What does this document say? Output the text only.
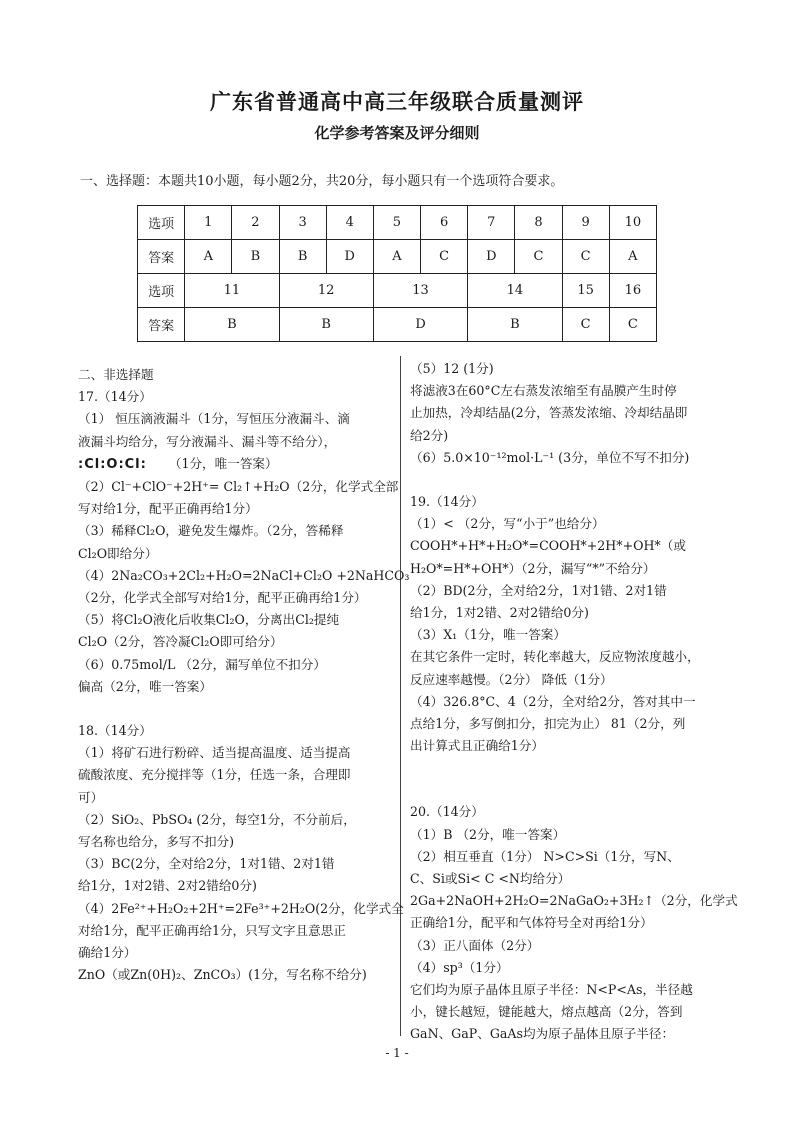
广东省普通高中高三年级联合质量测评
化学参考答案及评分细则
一、选择题：本题共10小题，每小题2分，共20分，每小题只有一个选项符合要求。
选项	1	2	3	4	5	6	7	8	9	10
答案	A	B	B	D	A	C	D	C	C	A
选项	11		12		13		14		15	16
答案	B		B		D		B		C	C
二、非选择题
17.（14分）
（1） 恒压滴液漏斗（1分，写恒压分液漏斗、滴
液漏斗均给分，写分液漏斗、漏斗等不给分），
:Cl:O:Cl: （1分，唯一答案）
（2）Cl⁻+ClO⁻+2H⁺= Cl₂↑+H₂O（2分，化学式全部
写对给1分，配平正确再给1分）
（3）稀释Cl₂O，避免发生爆炸。（2分，答稀释
Cl₂O即给分）
（4）2Na₂CO₃+2Cl₂+H₂O=2NaCl+Cl₂O +2NaHCO₃
（2分，化学式全部写对给1分，配平正确再给1分）
（5）将Cl₂O液化后收集Cl₂O，分离出Cl₂提纯
Cl₂O（2分，答冷凝Cl₂O即可给分）
（6）0.75mol/L （2分，漏写单位不扣分）
偏高（2分，唯一答案）
18.（14分）
（1）将矿石进行粉碎、适当提高温度、适当提高
硫酸浓度、充分搅拌等（1分，任选一条，合理即
可）
（2）SiO₂、PbSO₄ (2分，每空1分，不分前后，
写名称也给分，多写不扣分)
（3）BC(2分，全对给2分，1对1错、2对1错
给1分，1对2错、2对2错给0分)
（4）2Fe²⁺+H₂O₂+2H⁺=2Fe³⁺+2H₂O(2分，化学式全
对给1分，配平正确再给1分，只写文字且意思正
确给1分）
ZnO（或Zn(0H)₂、ZnCO₃）(1分，写名称不给分)
（5）12 (1分)
将滤液3在60°C左右蒸发浓缩至有晶膜产生时停
止加热，冷却结晶(2分，答蒸发浓缩、冷却结晶即
给2分)
（6）5.0×10⁻¹²mol·L⁻¹ (3分，单位不写不扣分)
19.（14分）
（1）< （2分，写“小于”也给分）
COOH*+H*+H₂O*=COOH*+2H*+OH*（或
H₂O*=H*+OH*）（2分，漏写“*”不给分）
（2）BD(2分，全对给2分，1对1错、2对1错
给1分，1对2错、2对2错给0分)
（3）X₁（1分，唯一答案）
在其它条件一定时，转化率越大，反应物浓度越小，
反应速率越慢。（2分） 降低（1分）
（4）326.8°C、4（2分，全对给2分，答对其中一
点给1分，多写倒扣分，扣完为止） 81（2分，列
出计算式且正确给1分）
20.（14分）
（1）B （2分，唯一答案）
（2）相互垂直（1分） N>C>Si（1分，写N、
C、Si或Si< C <N均给分）
2Ga+2NaOH+2H₂O=2NaGaO₂+3H₂↑（2分，化学式
正确给1分，配平和气体符号全对再给1分）
（3）正八面体（2分）
（4）sp³（1分）
它们均为原子晶体且原子半径：N<P<As，半径越
小，键长越短，键能越大，熔点越高（2分，答到
GaN、GaP、GaAs均为原子晶体且原子半径：
- 1 -
